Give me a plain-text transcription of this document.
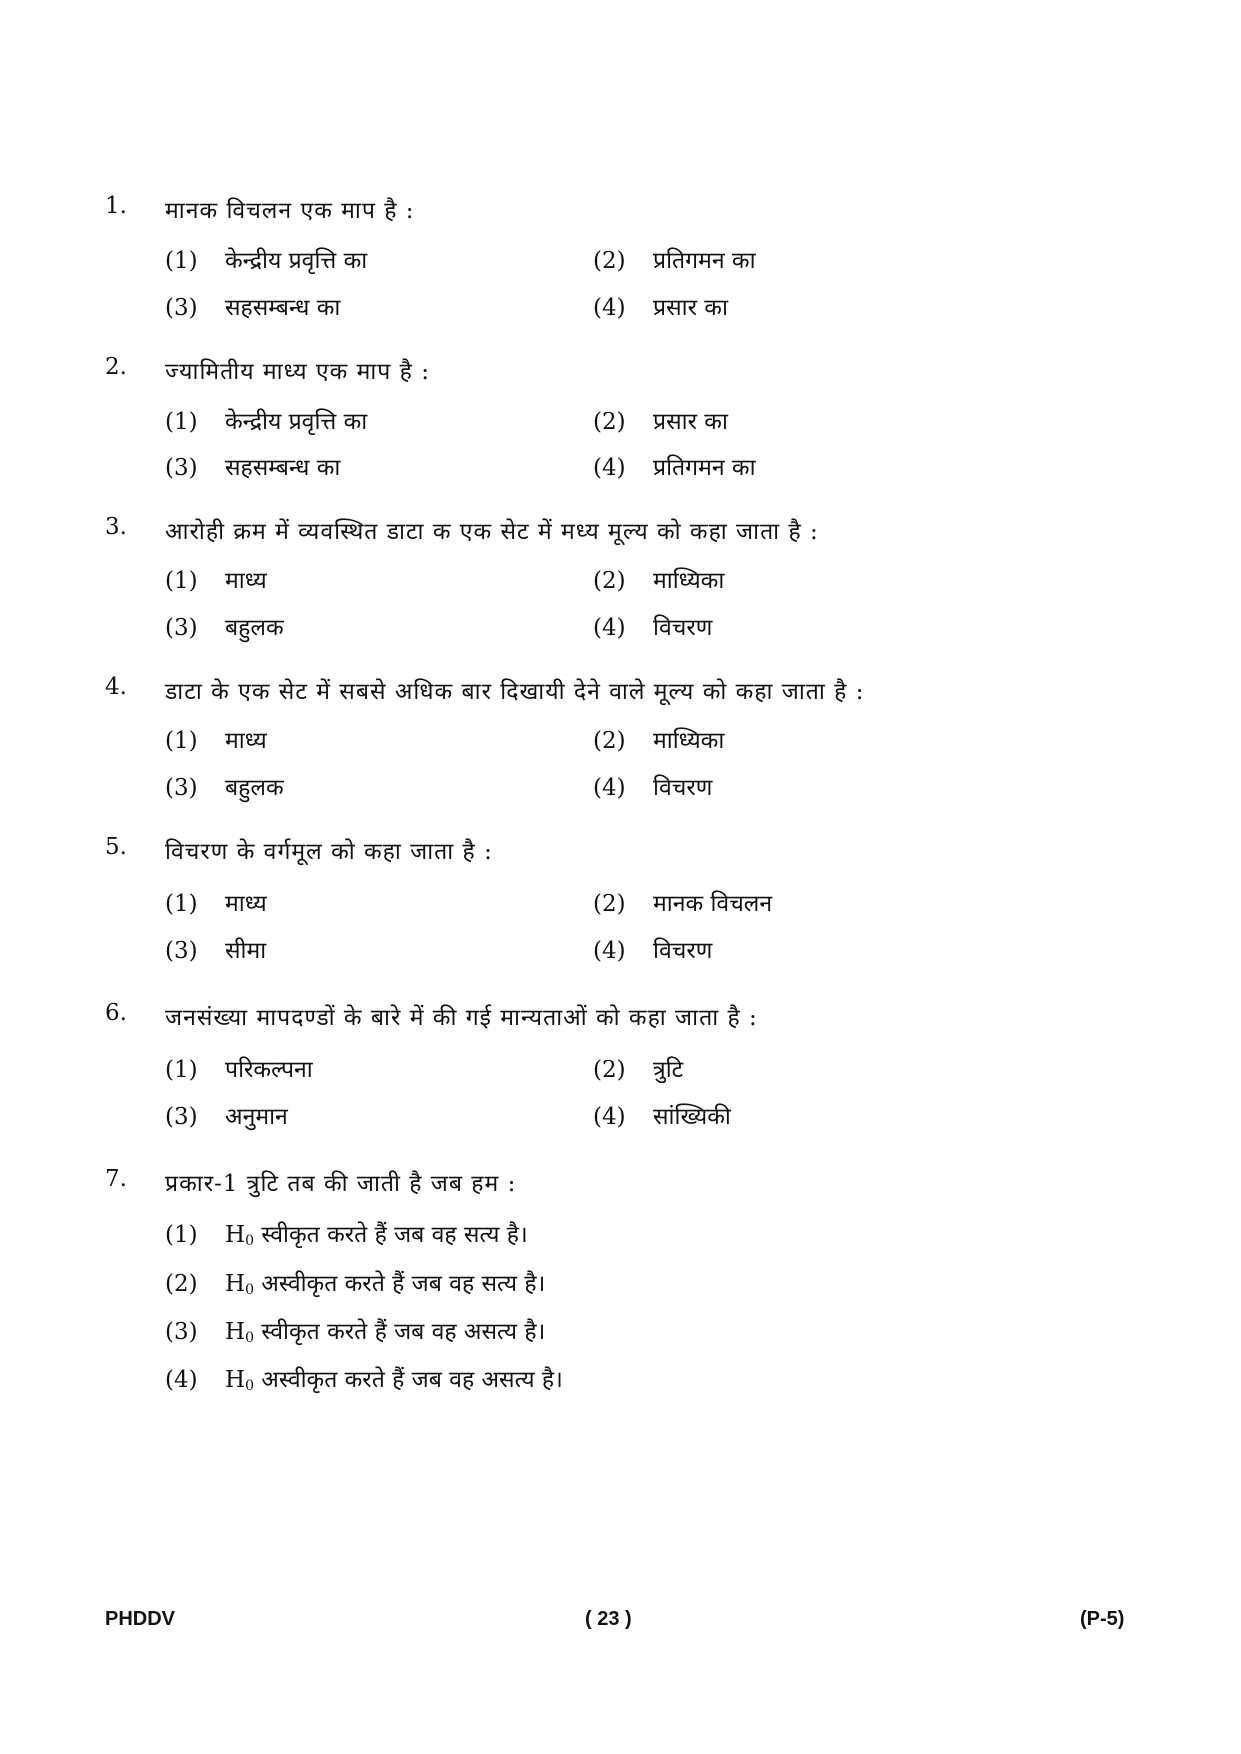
1. मानक विचलन एक माप है :
(1) केन्द्रीय प्रवृत्ति का	(2) प्रतिगमन का
(3) सहसम्बन्ध का	(4) प्रसार का
2. ज्यामितीय माध्य एक माप है :
(1) केन्द्रीय प्रवृत्ति का	(2) प्रसार का
(3) सहसम्बन्ध का	(4) प्रतिगमन का
3. आरोही क्रम में व्यवस्थित डाटा क एक सेट में मध्य मूल्य को कहा जाता है :
(1) माध्य	(2) माध्यिका
(3) बहुलक	(4) विचरण
4. डाटा के एक सेट में सबसे अधिक बार दिखायी देने वाले मूल्य को कहा जाता है :
(1) माध्य	(2) माध्यिका
(3) बहुलक	(4) विचरण
5. विचरण के वर्गमूल को कहा जाता है :
(1) माध्य	(2) मानक विचलन
(3) सीमा	(4) विचरण
6. जनसंख्या मापदण्डों के बारे में की गई मान्यताओं को कहा जाता है :
(1) परिकल्पना	(2) त्रुटि
(3) अनुमान	(4) सांख्यिकी
7. प्रकार-1 त्रुटि तब की जाती है जब हम :
(1) $H_0$ स्वीकृत करते हैं जब वह सत्य है।
(2) $H_0$ अस्वीकृत करते हैं जब वह सत्य है।
(3) $H_0$ स्वीकृत करते हैं जब वह असत्य है।
(4) $H_0$ अस्वीकृत करते हैं जब वह असत्य है।
PHDDV	( 23 )	(P-5)
